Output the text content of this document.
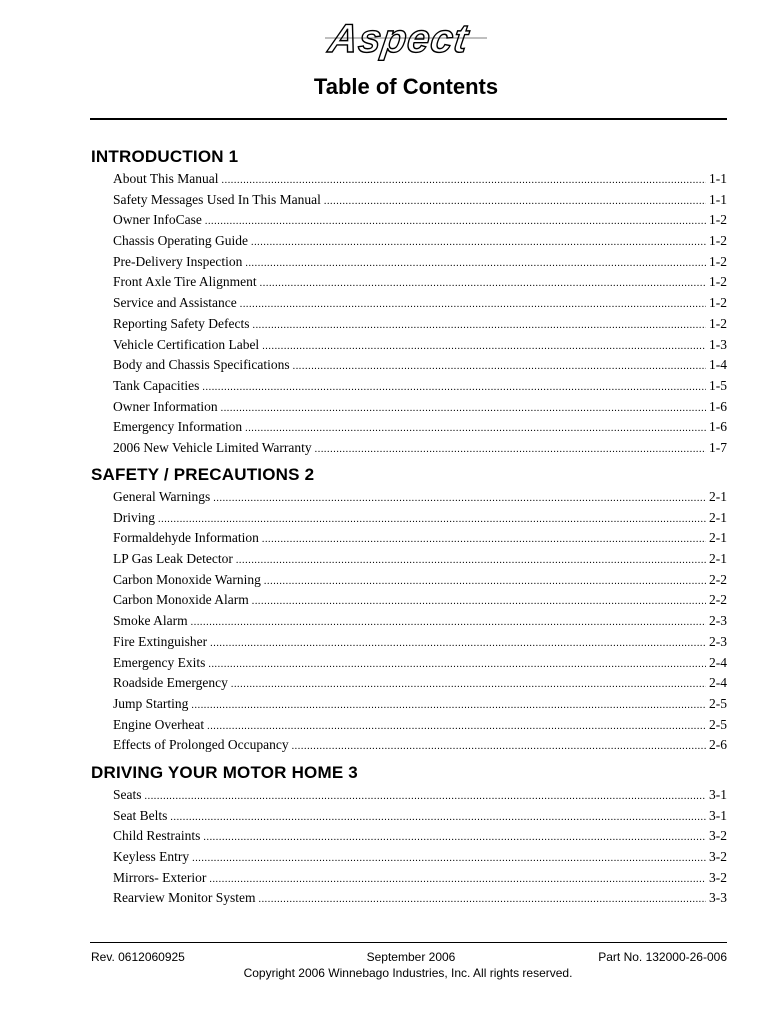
Aspect
Table of Contents
INTRODUCTION 1
About This Manual .....	1-1
Safety Messages Used In This Manual .....	1-1
Owner InfoCase .....	1-2
Chassis Operating Guide .....	1-2
Pre-Delivery Inspection .....	1-2
Front Axle Tire Alignment .....	1-2
Service and Assistance .....	1-2
Reporting Safety Defects .....	1-2
Vehicle Certification Label .....	1-3
Body and Chassis Specifications .....	1-4
Tank Capacities .....	1-5
Owner Information .....	1-6
Emergency Information .....	1-6
2006 New Vehicle Limited Warranty .....	1-7
SAFETY / PRECAUTIONS 2
General Warnings .....	2-1
Driving .....	2-1
Formaldehyde Information .....	2-1
LP Gas Leak Detector .....	2-1
Carbon Monoxide Warning .....	2-2
Carbon Monoxide Alarm .....	2-2
Smoke Alarm .....	2-3
Fire Extinguisher .....	2-3
Emergency Exits .....	2-4
Roadside Emergency .....	2-4
Jump Starting .....	2-5
Engine Overheat .....	2-5
Effects of Prolonged Occupancy .....	2-6
DRIVING YOUR MOTOR HOME 3
Seats .....	3-1
Seat Belts .....	3-1
Child Restraints .....	3-2
Keyless Entry .....	3-2
Mirrors- Exterior .....	3-2
Rearview Monitor System .....	3-3
Rev. 0612060925	September 2006	Part No. 132000-26-006
Copyright 2006 Winnebago Industries, Inc. All rights reserved.
